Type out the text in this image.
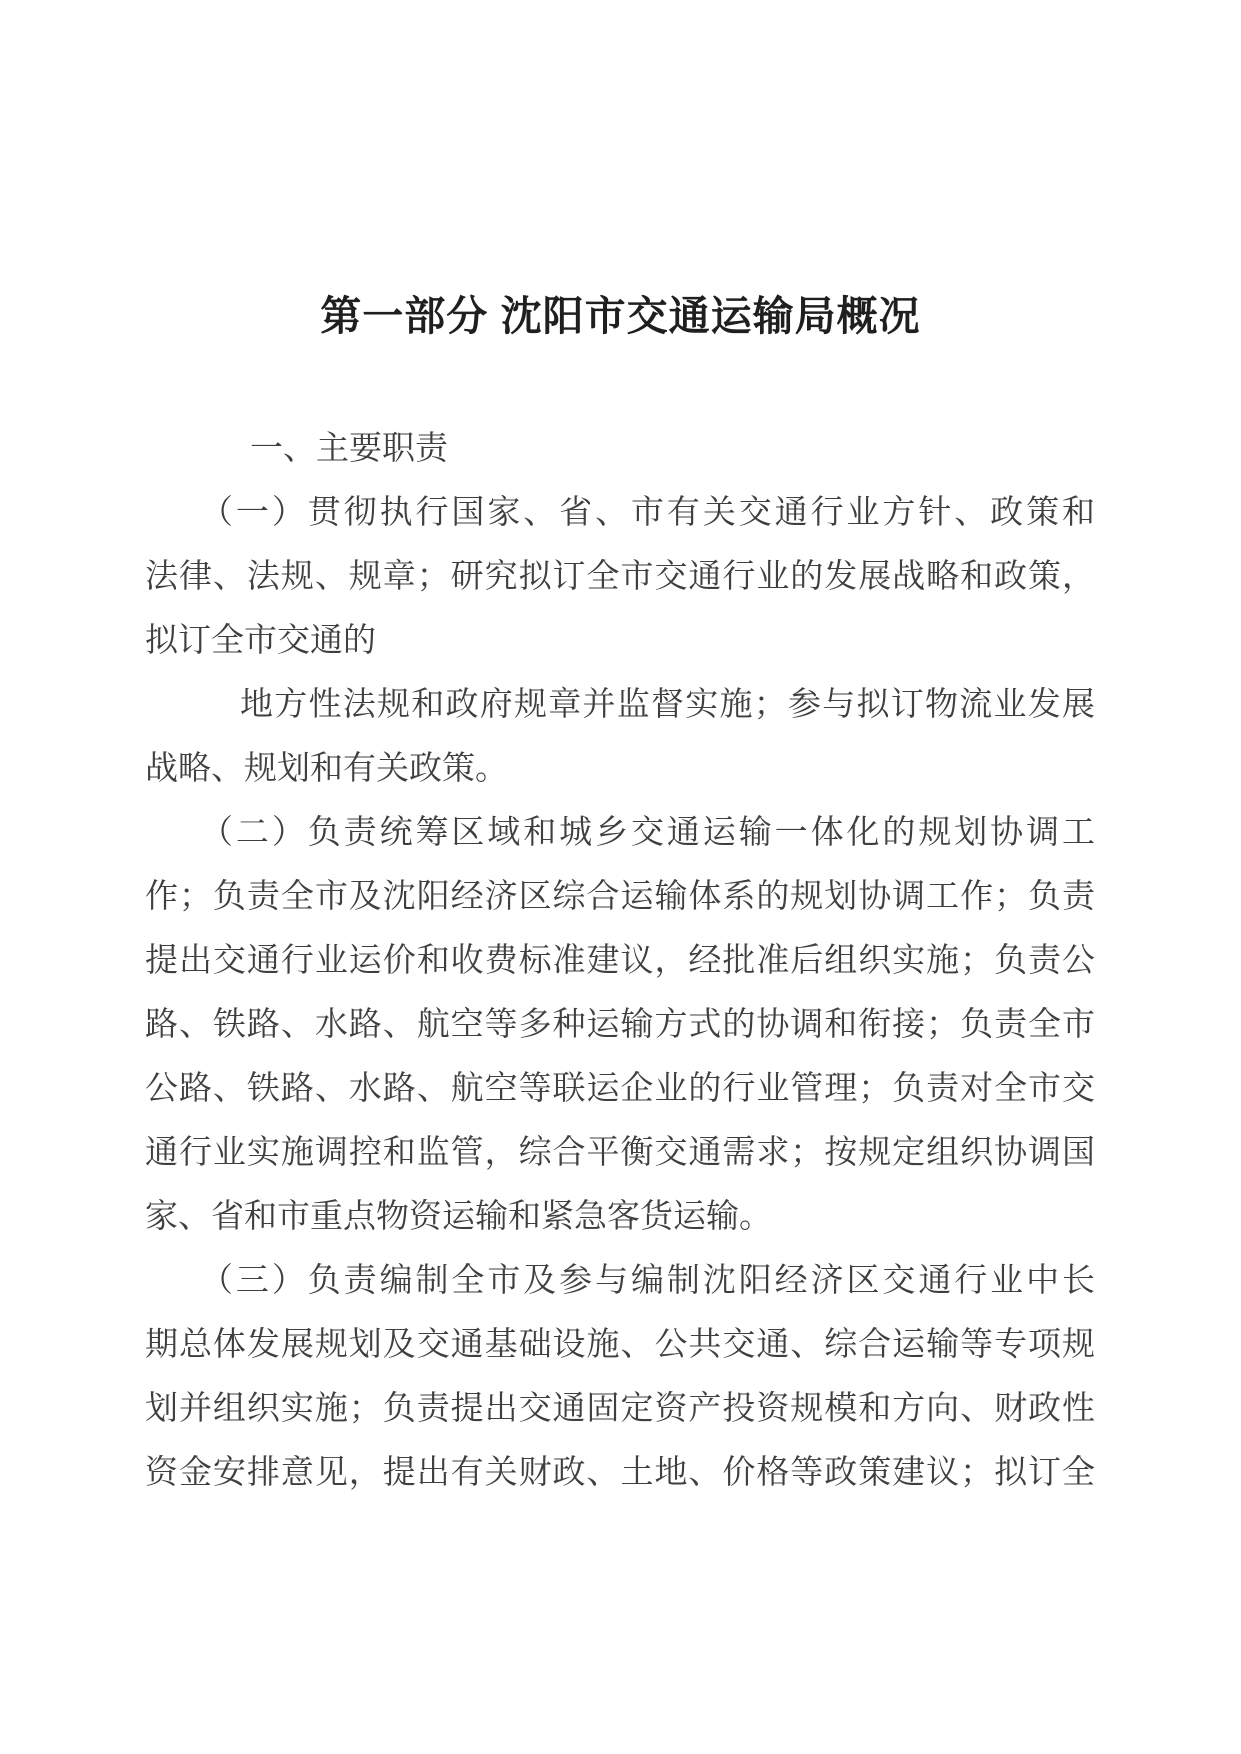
第一部分 沈阳市交通运输局概况
一、主要职责
（一）贯彻执行国家、省、市有关交通行业方针、政策和
法律、法规、规章；研究拟订全市交通行业的发展战略和政策，
拟订全市交通的
地方性法规和政府规章并监督实施；参与拟订物流业发展
战略、规划和有关政策。
（二）负责统筹区域和城乡交通运输一体化的规划协调工
作；负责全市及沈阳经济区综合运输体系的规划协调工作；负责
提出交通行业运价和收费标准建议，经批准后组织实施；负责公
路、铁路、水路、航空等多种运输方式的协调和衔接；负责全市
公路、铁路、水路、航空等联运企业的行业管理；负责对全市交
通行业实施调控和监管，综合平衡交通需求；按规定组织协调国
家、省和市重点物资运输和紧急客货运输。
（三）负责编制全市及参与编制沈阳经济区交通行业中长
期总体发展规划及交通基础设施、公共交通、综合运输等专项规
划并组织实施；负责提出交通固定资产投资规模和方向、财政性
资金安排意见，提出有关财政、土地、价格等政策建议；拟订全
